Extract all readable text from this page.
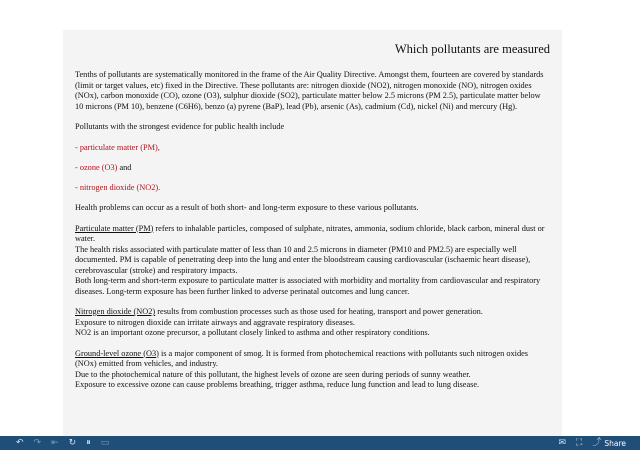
Which pollutants are measured

Tenths of pollutants are systematically monitored in the frame of the Air Quality Directive. Amongst them, fourteen are covered by standards (limit or target values, etc) fixed in the Directive. These pollutants are: nitrogen dioxide (NO2), nitrogen monoxide (NO), nitrogen oxides (NOx), carbon monoxide (CO), ozone (O3), sulphur dioxide (SO2), particulate matter below 2.5 microns (PM 2.5), particulate matter below 10 microns (PM 10), benzene (C6H6), benzo (a) pyrene (BaP), lead (Pb), arsenic (As), cadmium (Cd), nickel (Ni) and mercury (Hg).

Pollutants with the strongest evidence for public health include

- particulate matter (PM),

- ozone (O3) and

- nitrogen dioxide (NO2).

Health problems can occur as a result of both short- and long-term exposure to these various pollutants.

Particulate matter (PM) refers to inhalable particles, composed of sulphate, nitrates, ammonia, sodium chloride, black carbon, mineral dust or water.
The health risks associated with particulate matter of less than 10 and 2.5 microns in diameter (PM10 and PM2.5) are especially well documented. PM is capable of penetrating deep into the lung and enter the bloodstream causing cardiovascular (ischaemic heart disease), cerebrovascular (stroke) and respiratory impacts.
Both long-term and short-term exposure to particulate matter is associated with morbidity and mortality from cardiovascular and respiratory diseases. Long-term exposure has been further linked to adverse perinatal outcomes and lung cancer.

Nitrogen dioxide (NO2) results from combustion processes such as those used for heating, transport and power generation.
Exposure to nitrogen dioxide can irritate airways and aggravate respiratory diseases.
NO2 is an important ozone precursor, a pollutant closely linked to asthma and other respiratory conditions.

Ground-level ozone (O3) is a major component of smog. It is formed from photochemical reactions with pollutants such nitrogen oxides (NOx) emitted from vehicles, and industry.
Due to the photochemical nature of this pollutant, the highest levels of ozone are seen during periods of sunny weather.
Exposure to excessive ozone can cause problems breathing, trigger asthma, reduce lung function and lead to lung disease.

↶ ↷ ⇤ ↻ ⏸ ▭	✉ ⛶ ⤴ Share
